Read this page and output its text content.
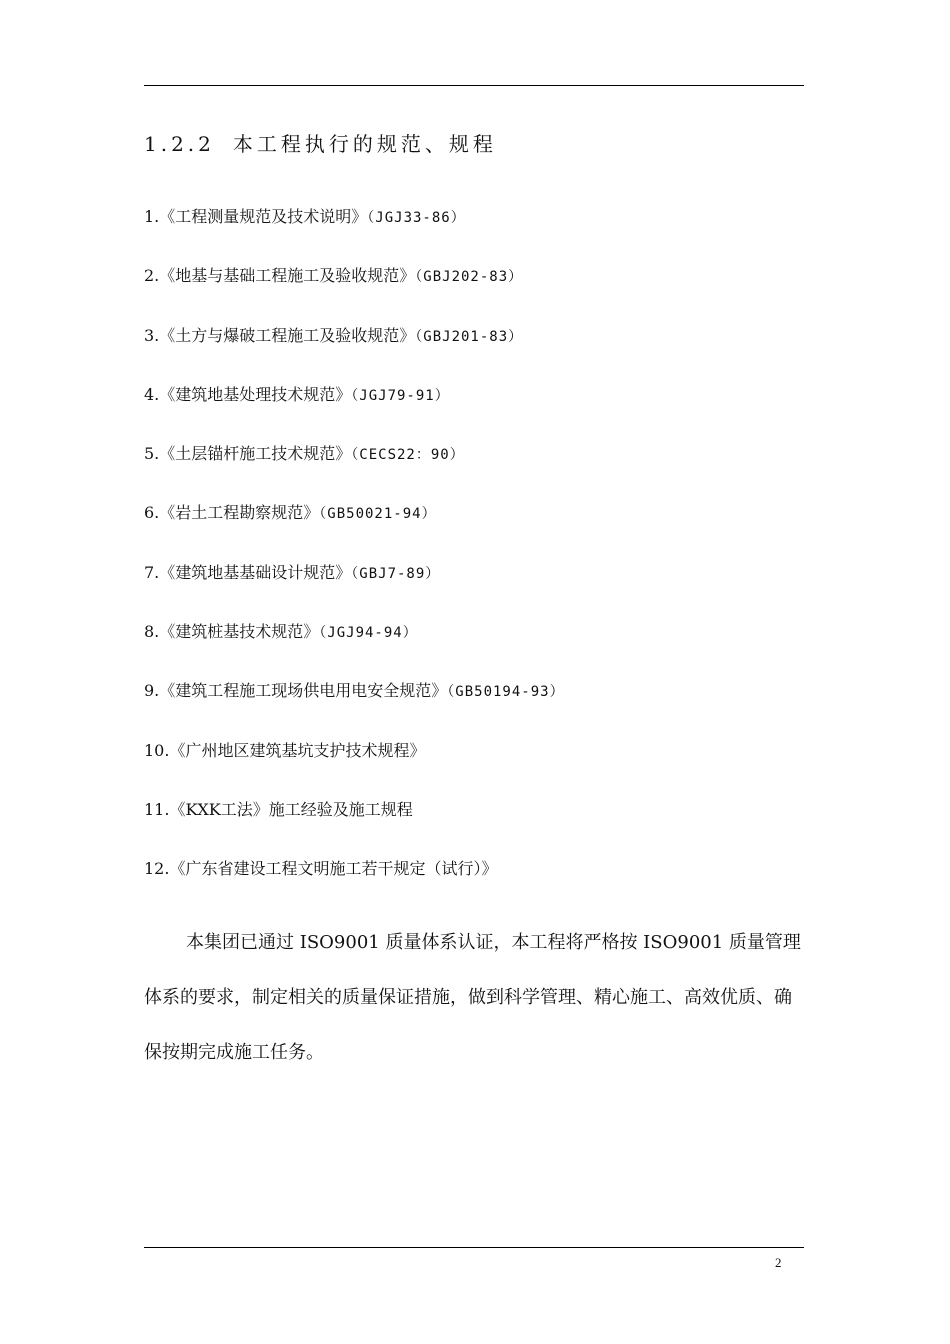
1.2.2 本工程执行的规范、规程
1.《工程测量规范及技术说明》（JGJ33-86）
2.《地基与基础工程施工及验收规范》（GBJ202-83）
3.《土方与爆破工程施工及验收规范》（GBJ201-83）
4.《建筑地基处理技术规范》（JGJ79-91）
5.《土层锚杆施工技术规范》（CECS22：90）
6.《岩土工程勘察规范》（GB50021-94）
7.《建筑地基基础设计规范》（GBJ7-89）
8.《建筑桩基技术规范》（JGJ94-94）
9.《建筑工程施工现场供电用电安全规范》（GB50194-93）
10.《广州地区建筑基坑支护技术规程》
11.《KXK工法》施工经验及施工规程
12.《广东省建设工程文明施工若干规定（试行）》

本集团已通过 ISO9001 质量体系认证，本工程将严格按 ISO9001 质量管理体系的要求，制定相关的质量保证措施，做到科学管理、精心施工、高效优质、确保按期完成施工任务。

2
